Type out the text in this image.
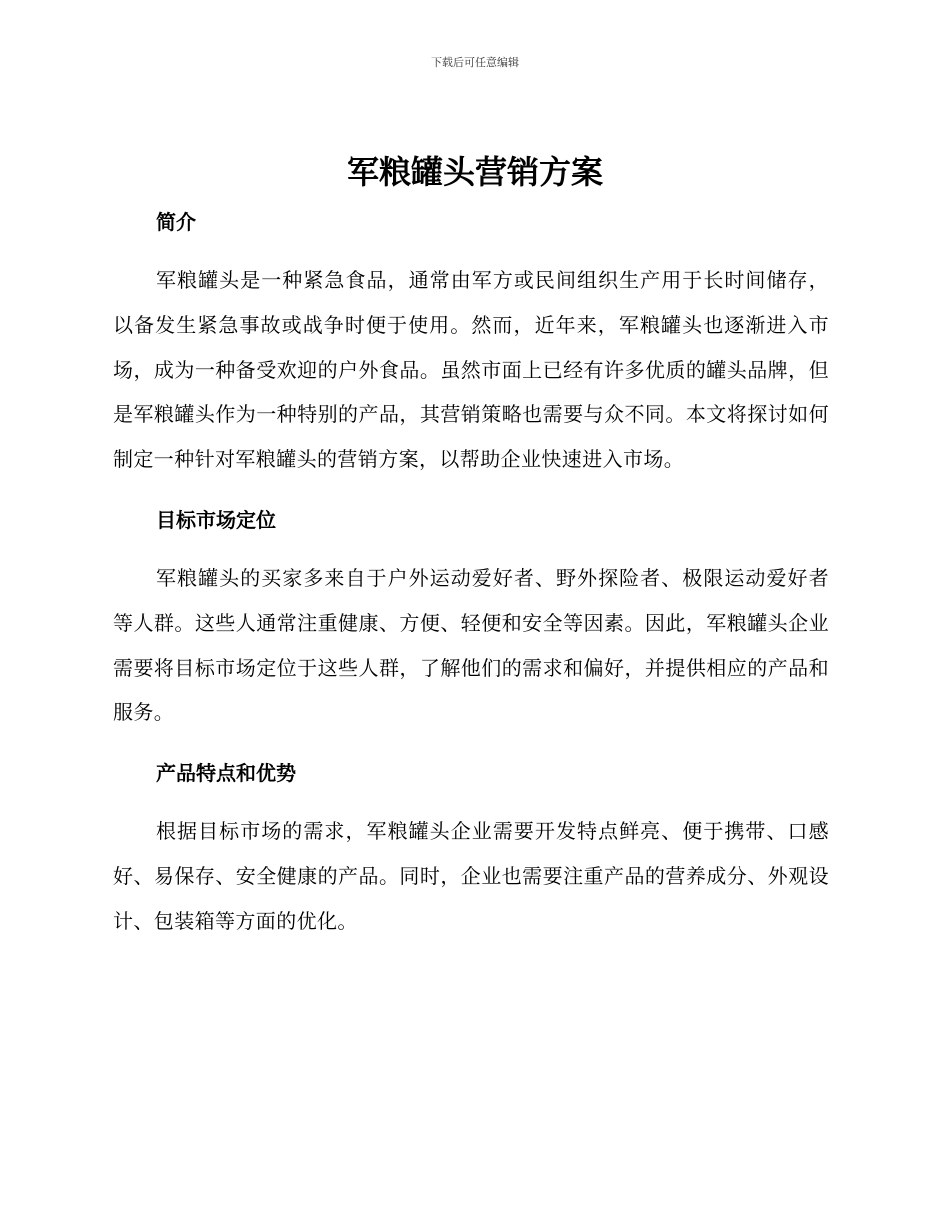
下载后可任意编辑
军粮罐头营销方案
简介

军粮罐头是一种紧急食品，通常由军方或民间组织生产用于长时间储存，以备发生紧急事故或战争时便于使用。然而，近年来，军粮罐头也逐渐进入市场，成为一种备受欢迎的户外食品。虽然市面上已经有许多优质的罐头品牌，但是军粮罐头作为一种特别的产品，其营销策略也需要与众不同。本文将探讨如何制定一种针对军粮罐头的营销方案，以帮助企业快速进入市场。

目标市场定位

军粮罐头的买家多来自于户外运动爱好者、野外探险者、极限运动爱好者等人群。这些人通常注重健康、方便、轻便和安全等因素。因此，军粮罐头企业需要将目标市场定位于这些人群，了解他们的需求和偏好，并提供相应的产品和服务。

产品特点和优势

根据目标市场的需求，军粮罐头企业需要开发特点鲜亮、便于携带、口感好、易保存、安全健康的产品。同时，企业也需要注重产品的营养成分、外观设计、包装箱等方面的优化。
